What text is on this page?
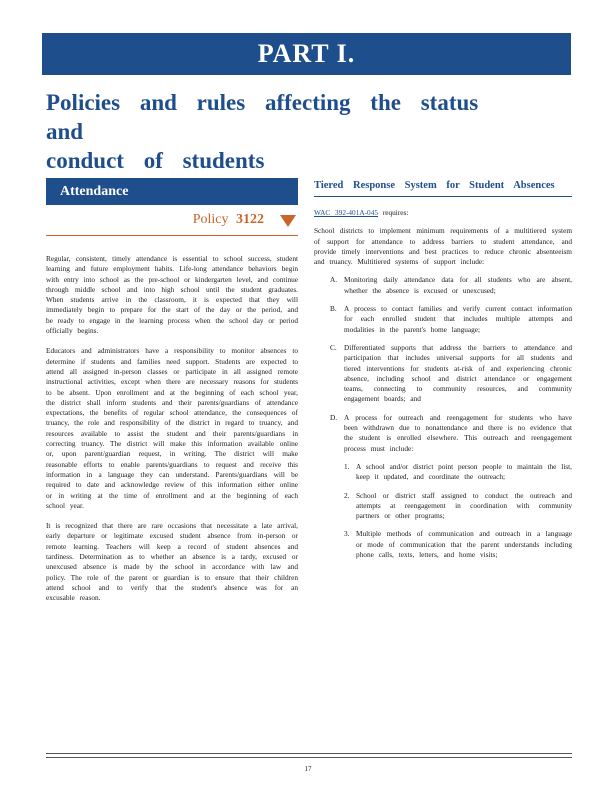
PART I.
Policies and rules affecting the status and
conduct of students
Attendance
Policy 3122

Regular, consistent, timely attendance is essential to school success, student learning and future employment habits. Life-long attendance behaviors begin with entry into school as the pre-school or kindergarten level, and continue through middle school and into high school until the student graduates. When students arrive in the classroom, it is expected that they will immediately begin to prepare for the start of the day or the period, and be ready to engage in the learning process when the school day or period officially begins.

Educators and administrators have a responsibility to monitor absences to determine if students and families need support. Students are expected to attend all assigned in-person classes or participate in all assigned remote instructional activities, except when there are necessary reasons for students to be absent. Upon enrollment and at the beginning of each school year, the district shall inform students and their parents/guardians of attendance expectations, the benefits of regular school attendance, the consequences of truancy, the role and responsibility of the district in regard to truancy, and resources available to assist the student and their parents/guardians in correcting truancy. The district will make this information available online or, upon parent/guardian request, in writing. The district will make reasonable efforts to enable parents/guardians to request and receive this information in a language they can understand. Parents/guardians will be required to date and acknowledge review of this information either online or in writing at the time of enrollment and at the beginning of each school year.

It is recognized that there are rare occasions that necessitate a late arrival, early departure or legitimate excused student absence from in-person or remote learning. Teachers will keep a record of student absences and tardiness. Determination as to whether an absence is a tardy, excused or unexcused absence is made by the school in accordance with law and policy. The role of the parent or guardian is to ensure that their children attend school and to verify that the student's absence was for an excusable reason.

Tiered Response System for Student Absences
WAC 392-401A-045 requires:
School districts to implement minimum requirements of a multitiered system of support for attendance to address barriers to student attendance, and provide timely interventions and best practices to reduce chronic absenteeism and truancy. Multitiered systems of support include:
A. Monitoring daily attendance data for all students who are absent, whether the absence is excused or unexcused;
B. A process to contact families and verify current contact information for each enrolled student that includes multiple attempts and modalities in the parent's home language;
C. Differentiated supports that address the barriers to attendance and participation that includes universal supports for all students and tiered interventions for students at-risk of and experiencing chronic absence, including school and district attendance or engagement teams, connecting to community resources, and community engagement boards; and
D. A process for outreach and reengagement for students who have been withdrawn due to nonattendance and there is no evidence that the student is enrolled elsewhere. This outreach and reengagement process must include:
1. A school and/or district point person people to maintain the list, keep it updated, and coordinate the outreach;
2. School or district staff assigned to conduct the outreach and attempts at reengagement in coordination with community partners or other programs;
3. Multiple methods of communication and outreach in a language or mode of communication that the parent understands including phone calls, texts, letters, and home visits;
17
